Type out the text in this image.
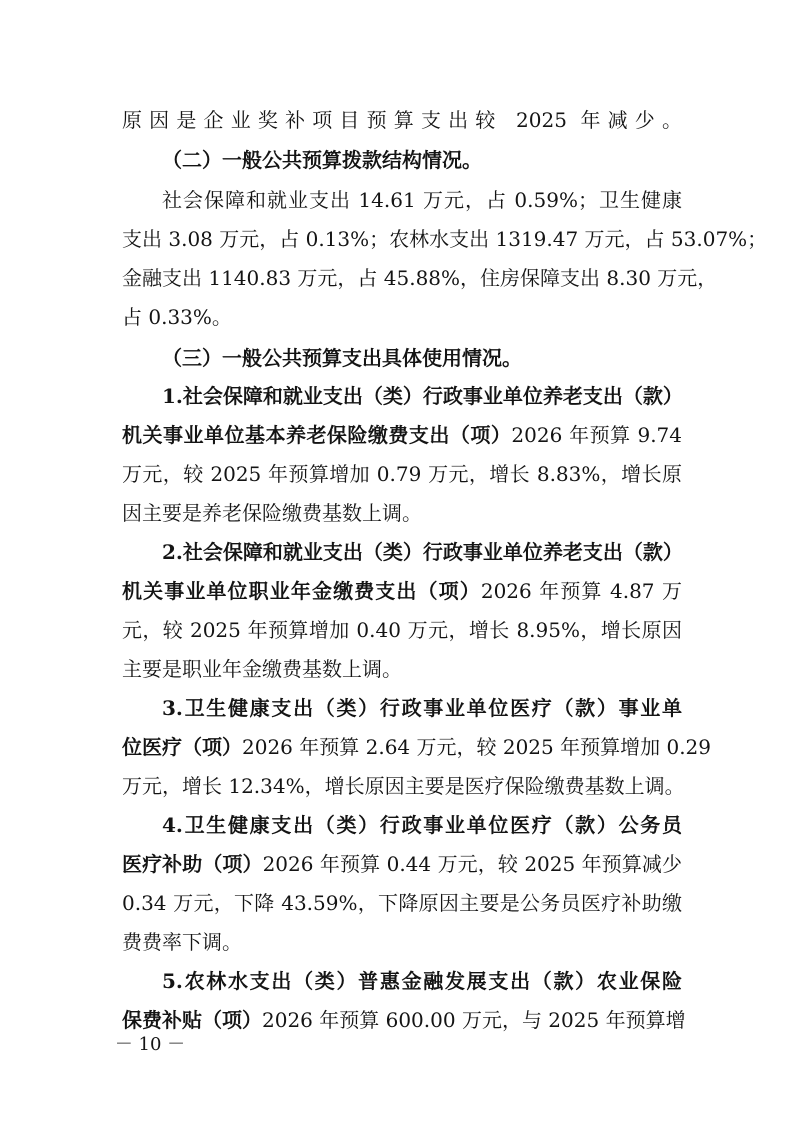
原因是企业奖补项目预算支出较 2025 年减少。
（二）一般公共预算拨款结构情况。
社会保障和就业支出 14.61 万元，占 0.59%；卫生健康
支出 3.08 万元，占 0.13%；农林水支出 1319.47 万元，占 53.07%；
金融支出 1140.83 万元，占 45.88%，住房保障支出 8.30 万元，
占 0.33%。
（三）一般公共预算支出具体使用情况。
1.社会保障和就业支出（类）行政事业单位养老支出（款）
机关事业单位基本养老保险缴费支出（项）2026 年预算 9.74
万元，较 2025 年预算增加 0.79 万元，增长 8.83%，增长原
因主要是养老保险缴费基数上调。
2.社会保障和就业支出（类）行政事业单位养老支出（款）
机关事业单位职业年金缴费支出（项）2026 年预算 4.87 万
元，较 2025 年预算增加 0.40 万元，增长 8.95%，增长原因
主要是职业年金缴费基数上调。
3.卫生健康支出（类）行政事业单位医疗（款）事业单
位医疗（项）2026 年预算 2.64 万元，较 2025 年预算增加 0.29
万元，增长 12.34%，增长原因主要是医疗保险缴费基数上调。
4.卫生健康支出（类）行政事业单位医疗（款）公务员
医疗补助（项）2026 年预算 0.44 万元，较 2025 年预算减少
0.34 万元，下降 43.59%，下降原因主要是公务员医疗补助缴
费费率下调。
5.农林水支出（类）普惠金融发展支出（款）农业保险
保费补贴（项）2026 年预算 600.00 万元，与 2025 年预算增
－ 10 －
